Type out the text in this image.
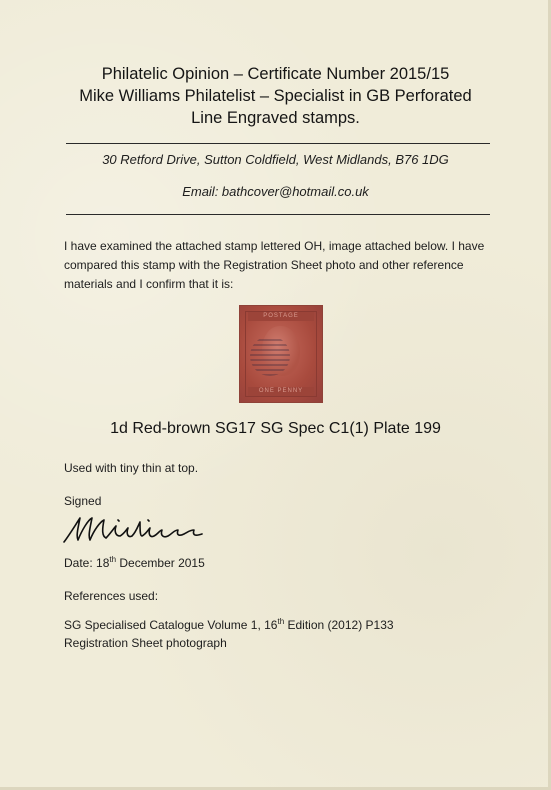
Philatelic Opinion – Certificate Number 2015/15
Mike Williams Philatelist – Specialist in GB Perforated
Line Engraved stamps.
30 Retford Drive, Sutton Coldfield, West Midlands, B76 1DG
Email: bathcover@hotmail.co.uk
I have examined the attached stamp lettered OH, image attached below. I have compared this stamp with the Registration Sheet photo and other reference materials and I confirm that it is:
POSTAGE
ONE PENNY
1d Red-brown SG17 SG Spec C1(1) Plate 199
Used with tiny thin at top.
Signed
Date: 18th December 2015
References used:
SG Specialised Catalogue Volume 1, 16th Edition (2012) P133
Registration Sheet photograph
